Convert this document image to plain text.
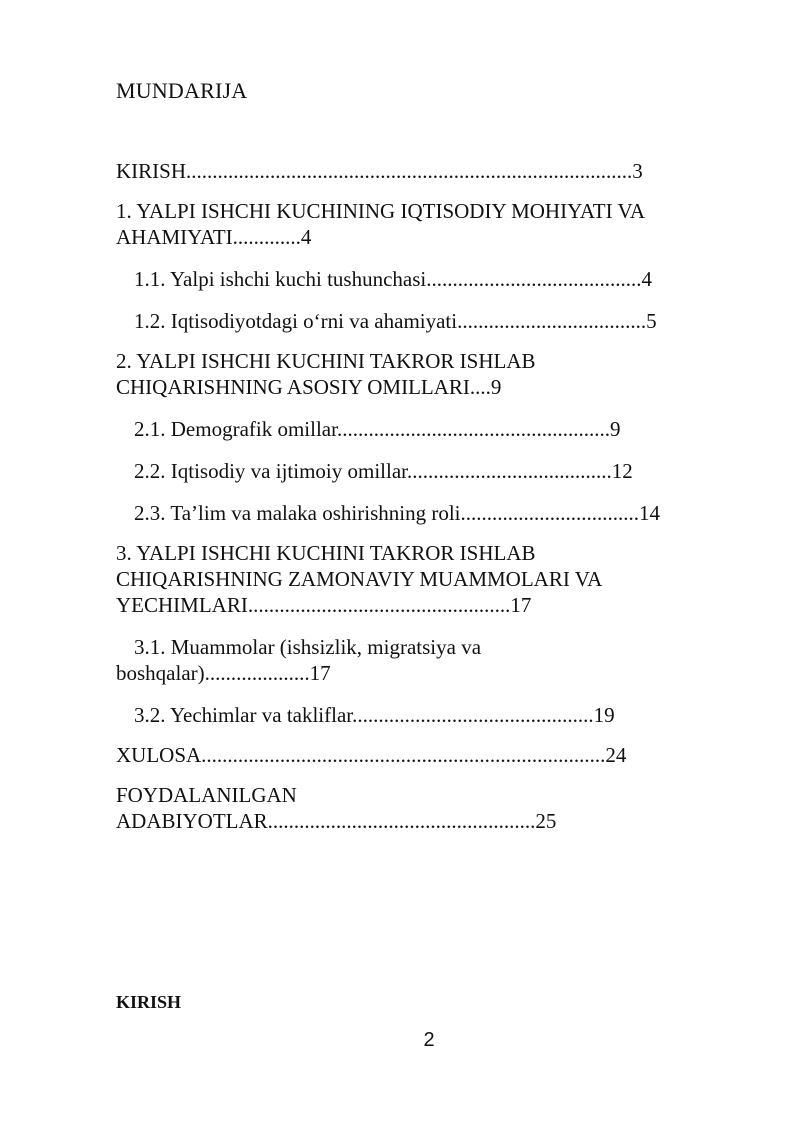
MUNDARIJA

KIRISH.....................................................................................3

1. YALPI ISHCHI KUCHINING IQTISODIY MOHIYATI VA AHAMIYATI.............4

1.1. Yalpi ishchi kuchi tushunchasi.........................................4

1.2. Iqtisodiyotdagi oʻrni va ahamiyati....................................5

2. YALPI ISHCHI KUCHINI TAKROR ISHLAB CHIQARISHNING ASOSIY OMILLARI....9

2.1. Demografik omillar....................................................9

2.2. Iqtisodiy va ijtimoiy omillar.......................................12

2.3. Ta’lim va malaka oshirishning roli..................................14

3. YALPI ISHCHI KUCHINI TAKROR ISHLAB CHIQARISHNING ZAMONAVIY MUAMMOLARI VA YECHIMLARI..................................................17

3.1. Muammolar (ishsizlik, migratsiya va boshqalar)....................17

3.2. Yechimlar va takliflar..............................................19

XULOSA.............................................................................24

FOYDALANILGAN ADABIYOTLAR...................................................25

KIRISH
2
